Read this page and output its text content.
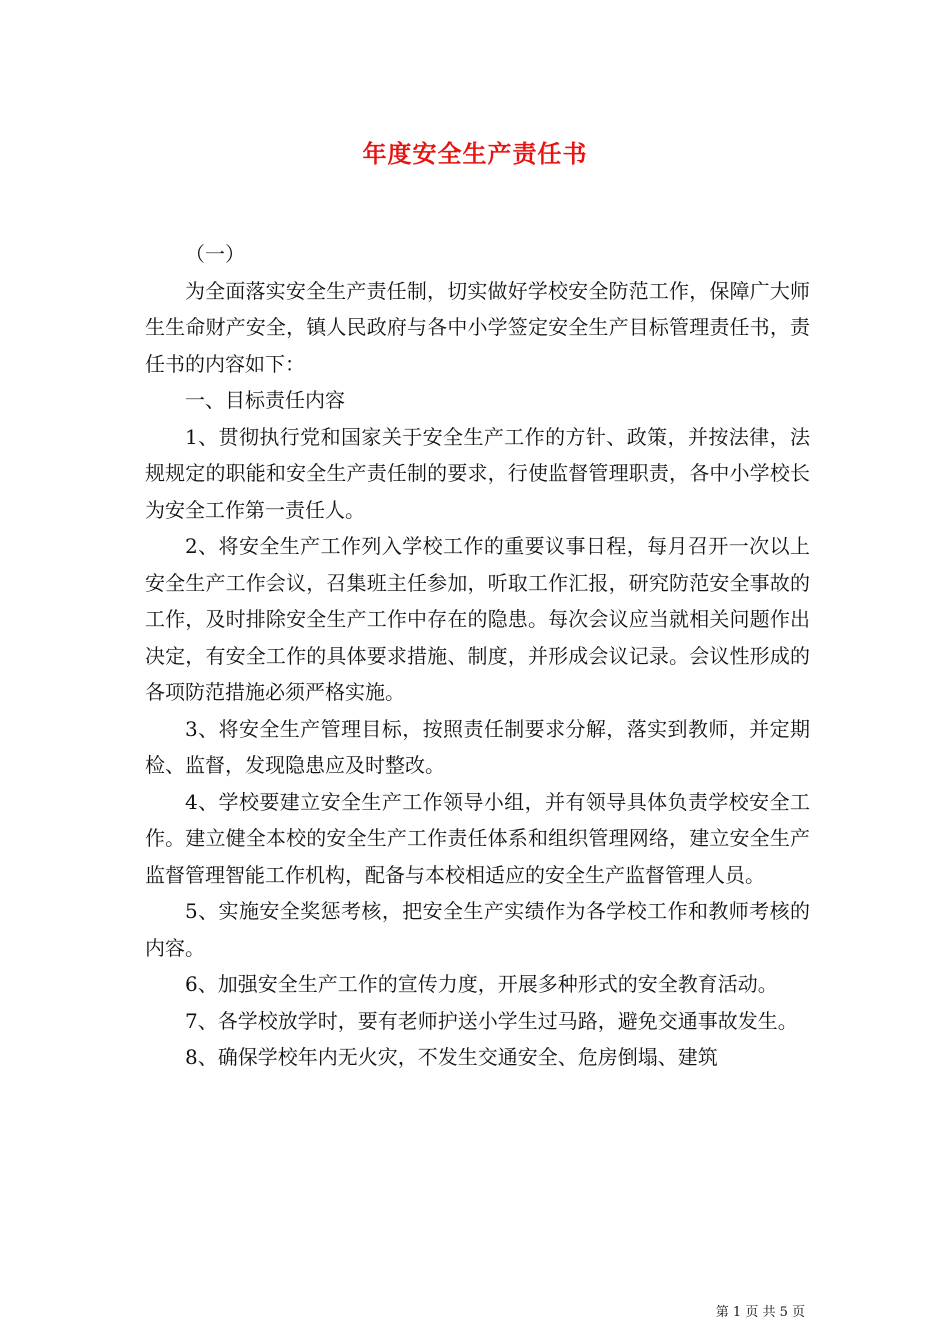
年度安全生产责任书

（一）

为全面落实安全生产责任制，切实做好学校安全防范工作，保障广大师生生命财产安全，镇人民政府与各中小学签定安全生产目标管理责任书，责任书的内容如下：

一、目标责任内容

1、贯彻执行党和国家关于安全生产工作的方针、政策，并按法律，法规规定的职能和安全生产责任制的要求，行使监督管理职责，各中小学校长为安全工作第一责任人。

2、将安全生产工作列入学校工作的重要议事日程，每月召开一次以上安全生产工作会议，召集班主任参加，听取工作汇报，研究防范安全事故的工作，及时排除安全生产工作中存在的隐患。每次会议应当就相关问题作出决定，有安全工作的具体要求措施、制度，并形成会议记录。会议性形成的各项防范措施必须严格实施。

3、将安全生产管理目标，按照责任制要求分解，落实到教师，并定期检、监督，发现隐患应及时整改。

4、学校要建立安全生产工作领导小组，并有领导具体负责学校安全工作。建立健全本校的安全生产工作责任体系和组织管理网络，建立安全生产监督管理智能工作机构，配备与本校相适应的安全生产监督管理人员。

5、实施安全奖惩考核，把安全生产实绩作为各学校工作和教师考核的内容。

6、加强安全生产工作的宣传力度，开展多种形式的安全教育活动。

7、各学校放学时，要有老师护送小学生过马路，避免交通事故发生。

8、确保学校年内无火灾，不发生交通安全、危房倒塌、建筑

第 1 页 共 5 页
